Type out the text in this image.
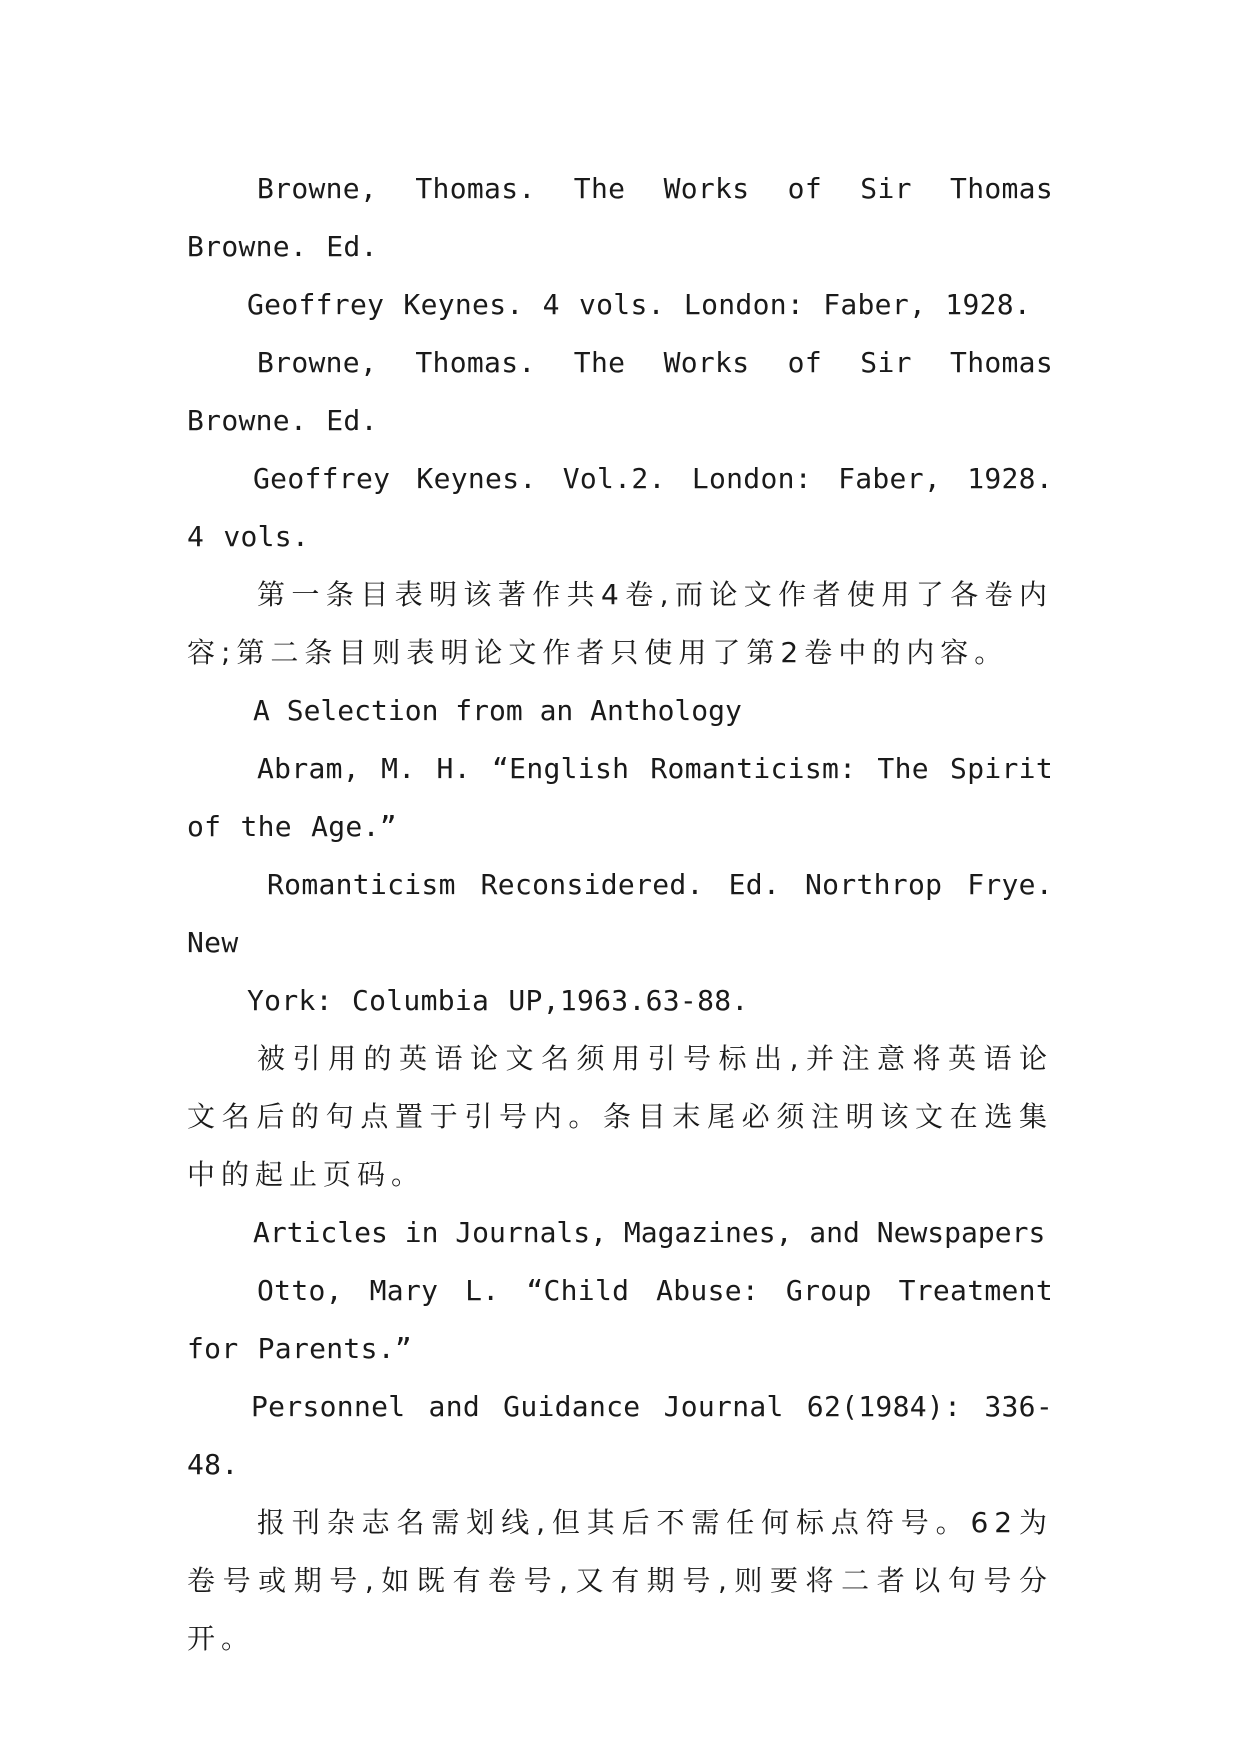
Browne, Thomas. The Works of Sir Thomas Browne. Ed.

Geoffrey Keynes. 4 vols. London: Faber, 1928.

Browne, Thomas. The Works of Sir Thomas Browne. Ed.

Geoffrey Keynes. Vol.2. London: Faber, 1928. 4 vols.

第一条目表明该著作共4卷,而论文作者使用了各卷内容;第二条目则表明论文作者只使用了第2卷中的内容。

A Selection from an Anthology

Abram, M. H. “English Romanticism: The Spirit of the Age.”

Romanticism Reconsidered. Ed. Northrop Frye. New

York: Columbia UP,1963.63-88.

被引用的英语论文名须用引号标出,并注意将英语论文名后的句点置于引号内。条目末尾必须注明该文在选集中的起止页码。

Articles in Journals, Magazines, and Newspapers

Otto, Mary L. “Child Abuse: Group Treatment for Parents.”

Personnel and Guidance Journal 62(1984): 336-48.

报刊杂志名需划线,但其后不需任何标点符号。62为卷号或期号,如既有卷号,又有期号,则要将二者以句号分开。
